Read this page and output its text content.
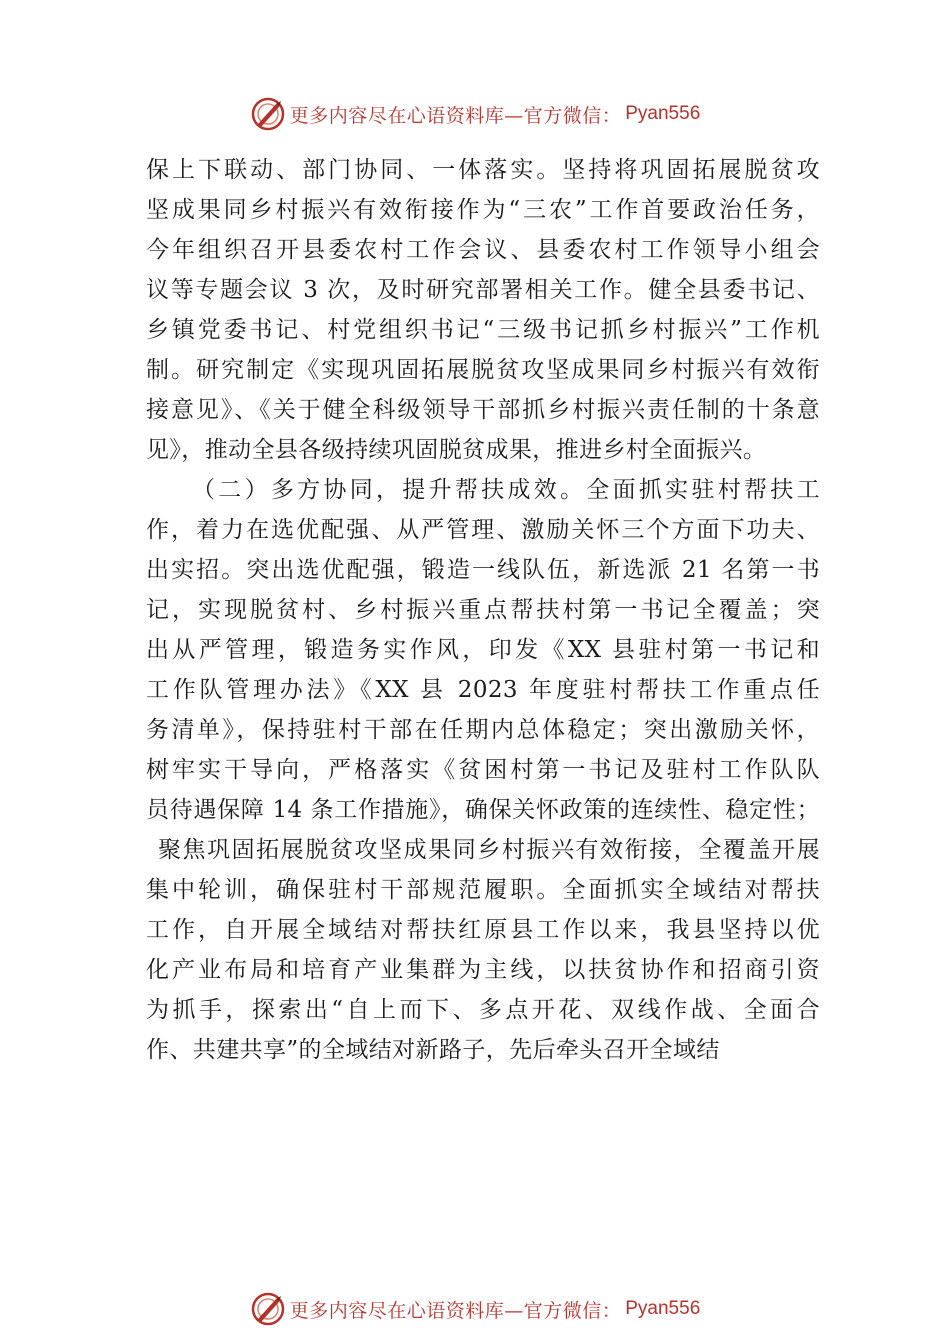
更多内容尽在心语资料库—官方微信： Pyan556
保上下联动、部门协同、一体落实。坚持将巩固拓展脱贫攻
坚成果同乡村振兴有效衔接作为“三农”工作首要政治任务，
今年组织召开县委农村工作会议、县委农村工作领导小组会
议等专题会议 3 次，及时研究部署相关工作。健全县委书记、
乡镇党委书记、村党组织书记“三级书记抓乡村振兴”工作机
制。研究制定《实现巩固拓展脱贫攻坚成果同乡村振兴有效衔
接意见》、《关于健全科级领导干部抓乡村振兴责任制的十条意
见》，推动全县各级持续巩固脱贫成果，推进乡村全面振兴。
（二）多方协同，提升帮扶成效。全面抓实驻村帮扶工
作，着力在选优配强、从严管理、激励关怀三个方面下功夫、
出实招。突出选优配强，锻造一线队伍，新选派 21 名第一书
记，实现脱贫村、乡村振兴重点帮扶村第一书记全覆盖；突
出从严管理，锻造务实作风，印发《XX 县驻村第一书记和
工作队管理办法》《XX 县 2023 年度驻村帮扶工作重点任
务清单》，保持驻村干部在任期内总体稳定；突出激励关怀，
树牢实干导向，严格落实《贫困村第一书记及驻村工作队队
员待遇保障 14 条工作措施》，确保关怀政策的连续性、稳定性；
聚焦巩固拓展脱贫攻坚成果同乡村振兴有效衔接，全覆盖开展
集中轮训，确保驻村干部规范履职。全面抓实全域结对帮扶
工作，自开展全域结对帮扶红原县工作以来，我县坚持以优
化产业布局和培育产业集群为主线，以扶贫协作和招商引资
为抓手，探索出“自上而下、多点开花、双线作战、全面合
作、共建共享”的全域结对新路子，先后牵头召开全域结
更多内容尽在心语资料库—官方微信： Pyan556
